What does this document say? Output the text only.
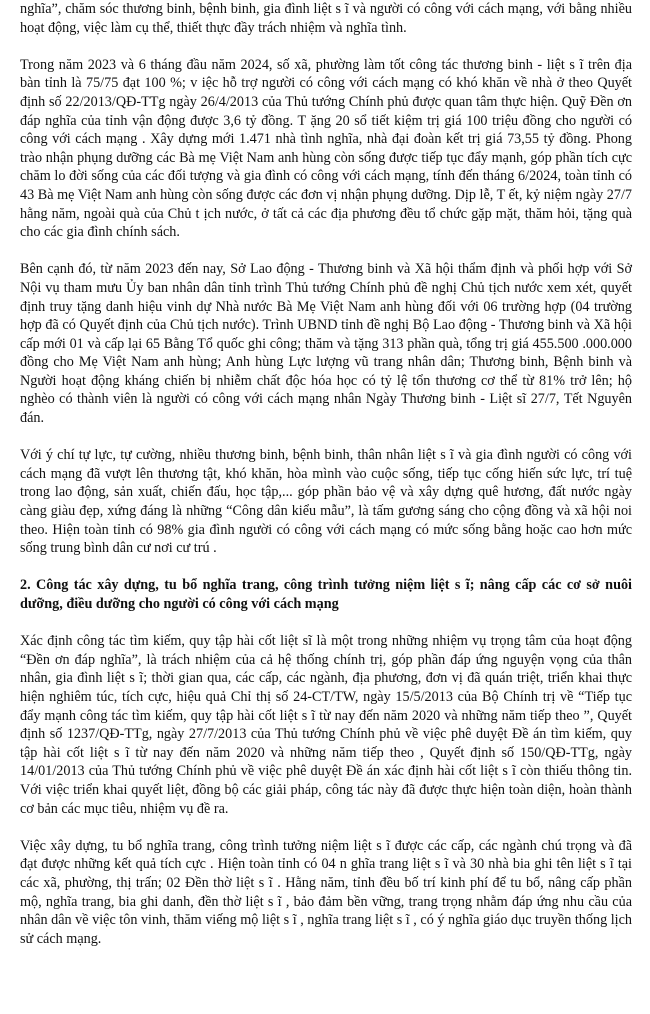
nghĩa”, chăm sóc thương binh, bệnh binh, gia đình liệt s ĩ và người có công với cách mạng, với bằng nhiều hoạt động, việc làm cụ thể, thiết thực đầy trách nhiệm và nghĩa tình.

Trong năm 2023 và 6 tháng đầu năm 2024, số xã, phường làm tốt công tác thương binh - liệt s ĩ trên địa bàn tỉnh là 75/75 đạt 100 %; v iệc hỗ trợ người có công với cách mạng có khó khăn về nhà ở theo Quyết định số 22/2013/QĐ-TTg ngày 26/4/2013 của Thủ tướng Chính phủ được quan tâm thực hiện. Quỹ Đền ơn đáp nghĩa của tỉnh vận động được 3,6 tỷ đồng. T ặng 20 sổ tiết kiệm trị giá 100 triệu đồng cho người có công với cách mạng . Xây dựng mới 1.471 nhà tình nghĩa, nhà đại đoàn kết trị giá 73,55 tỷ đồng. Phong trào nhận phụng dưỡng các Bà mẹ Việt Nam anh hùng còn sống được tiếp tục đẩy mạnh, góp phần tích cực chăm lo đời sống của các đối tượng và gia đình có công với cách mạng, tính đến tháng 6/2024, toàn tỉnh có 43 Bà mẹ Việt Nam anh hùng còn sống được các đơn vị nhận phụng dưỡng. Dịp lễ, T ết, kỷ niệm ngày 27/7 hằng năm, ngoài quà của Chủ t ịch nước, ở tất cả các địa phương đều tổ chức gặp mặt, thăm hỏi, tặng quà cho các gia đình chính sách.

Bên cạnh đó, từ năm 2023 đến nay, Sở Lao động - Thương binh và Xã hội thẩm định và phối hợp với Sở Nội vụ tham mưu Ủy ban nhân dân tỉnh trình Thủ tướng Chính phủ đề nghị Chủ tịch nước xem xét, quyết định truy tặng danh hiệu vinh dự Nhà nước Bà Mẹ Việt Nam anh hùng đối với 06 trường hợp (04 trường hợp đã có Quyết định của Chủ tịch nước). Trình UBND tỉnh đề nghị Bộ Lao động - Thương binh và Xã hội cấp mới 01 và cấp lại 65 Bằng Tổ quốc ghi công; thăm và tặng 313 phần quà, tổng trị giá 455.500 .000.000 đồng cho Mẹ Việt Nam anh hùng; Anh hùng Lực lượng vũ trang nhân dân; Thương binh, Bệnh binh và Người hoạt động kháng chiến bị nhiễm chất độc hóa học có tỷ lệ tổn thương cơ thể từ 81% trở lên; hộ nghèo có thành viên là người có công với cách mạng nhân Ngày Thương binh - Liệt sĩ 27/7, Tết Nguyên đán.

Với ý chí tự lực, tự cường, nhiều thương binh, bệnh binh, thân nhân liệt s ĩ và gia đình người có công với cách mạng đã vượt lên thương tật, khó khăn, hòa mình vào cuộc sống, tiếp tục cống hiến sức lực, trí tuệ trong lao động, sản xuất, chiến đấu, học tập,... góp phần bảo vệ và xây dựng quê hương, đất nước ngày càng giàu đẹp, xứng đáng là những “Công dân kiểu mẫu”, là tấm gương sáng cho cộng đồng và xã hội noi theo. Hiện toàn tỉnh có 98% gia đình người có công với cách mạng có mức sống bằng hoặc cao hơn mức sống trung bình dân cư nơi cư trú .

2. Công tác xây dựng, tu bổ nghĩa trang, công trình tưởng niệm liệt s ĩ; nâng cấp các cơ sở nuôi dưỡng, điều dưỡng cho người có công với cách mạng

Xác định công tác tìm kiếm, quy tập hài cốt liệt sĩ là một trong những nhiệm vụ trọng tâm của hoạt động “Đền ơn đáp nghĩa”, là trách nhiệm của cả hệ thống chính trị, góp phần đáp ứng nguyện vọng của thân nhân, gia đình liệt s ĩ; thời gian qua, các cấp, các ngành, địa phương, đơn vị đã quán triệt, triển khai thực hiện nghiêm túc, tích cực, hiệu quả Chỉ thị số 24-CT/TW, ngày 15/5/2013 của Bộ Chính trị về “Tiếp tục đẩy mạnh công tác tìm kiếm, quy tập hài cốt liệt s ĩ từ nay đến năm 2020 và những năm tiếp theo ”, Quyết định số 1237/QĐ-TTg, ngày 27/7/2013 của Thủ tướng Chính phủ về việc phê duyệt Đề án tìm kiếm, quy tập hài cốt liệt s ĩ từ nay đến năm 2020 và những năm tiếp theo , Quyết định số 150/QĐ-TTg, ngày 14/01/2013 của Thủ tướng Chính phủ về việc phê duyệt Đề án xác định hài cốt liệt s ĩ còn thiếu thông tin. Với việc triển khai quyết liệt, đồng bộ các giải pháp, công tác này đã được thực hiện toàn diện, hoàn thành cơ bản các mục tiêu, nhiệm vụ đề ra.

Việc xây dựng, tu bổ nghĩa trang, công trình tưởng niệm liệt s ĩ được các cấp, các ngành chú trọng và đã đạt được những kết quả tích cực . Hiện toàn tỉnh có 04 n ghĩa trang liệt s ĩ và 30 nhà bia ghi tên liệt s ĩ tại các xã, phường, thị trấn; 02 Đền thờ liệt s ĩ . Hằng năm, tỉnh đều bố trí kinh phí để tu bổ, nâng cấp phần mộ, nghĩa trang, bia ghi danh, đền thờ liệt s ĩ , bảo đảm bền vững, trang trọng nhằm đáp ứng nhu cầu của nhân dân về việc tôn vinh, thăm viếng mộ liệt s ĩ , nghĩa trang liệt s ĩ , có ý nghĩa giáo dục truyền thống lịch sử cách mạng.
